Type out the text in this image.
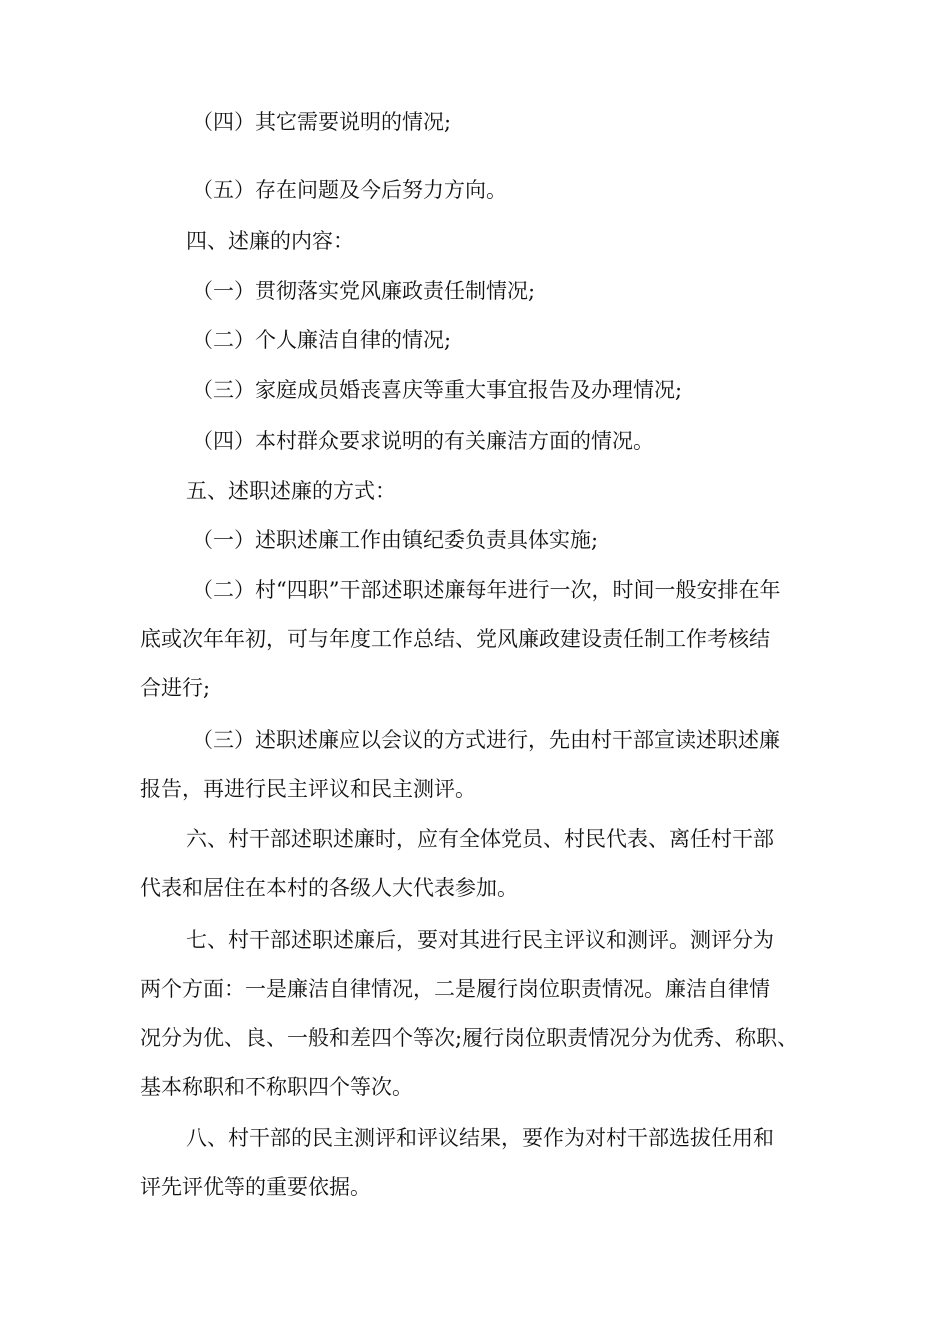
（四）其它需要说明的情况;

（五）存在问题及今后努力方向。

四、述廉的内容：

（一）贯彻落实党风廉政责任制情况;

（二）个人廉洁自律的情况;

（三）家庭成员婚丧喜庆等重大事宜报告及办理情况;

（四）本村群众要求说明的有关廉洁方面的情况。

五、述职述廉的方式：

（一）述职述廉工作由镇纪委负责具体实施;

（二）村“四职”干部述职述廉每年进行一次，时间一般安排在年
底或次年年初，可与年度工作总结、党风廉政建设责任制工作考核结
合进行;

（三）述职述廉应以会议的方式进行，先由村干部宣读述职述廉
报告，再进行民主评议和民主测评。

六、村干部述职述廉时，应有全体党员、村民代表、离任村干部
代表和居住在本村的各级人大代表参加。

七、村干部述职述廉后，要对其进行民主评议和测评。测评分为
两个方面：一是廉洁自律情况，二是履行岗位职责情况。廉洁自律情
况分为优、良、一般和差四个等次;履行岗位职责情况分为优秀、称职、
基本称职和不称职四个等次。

八、村干部的民主测评和评议结果，要作为对村干部选拔任用和
评先评优等的重要依据。
